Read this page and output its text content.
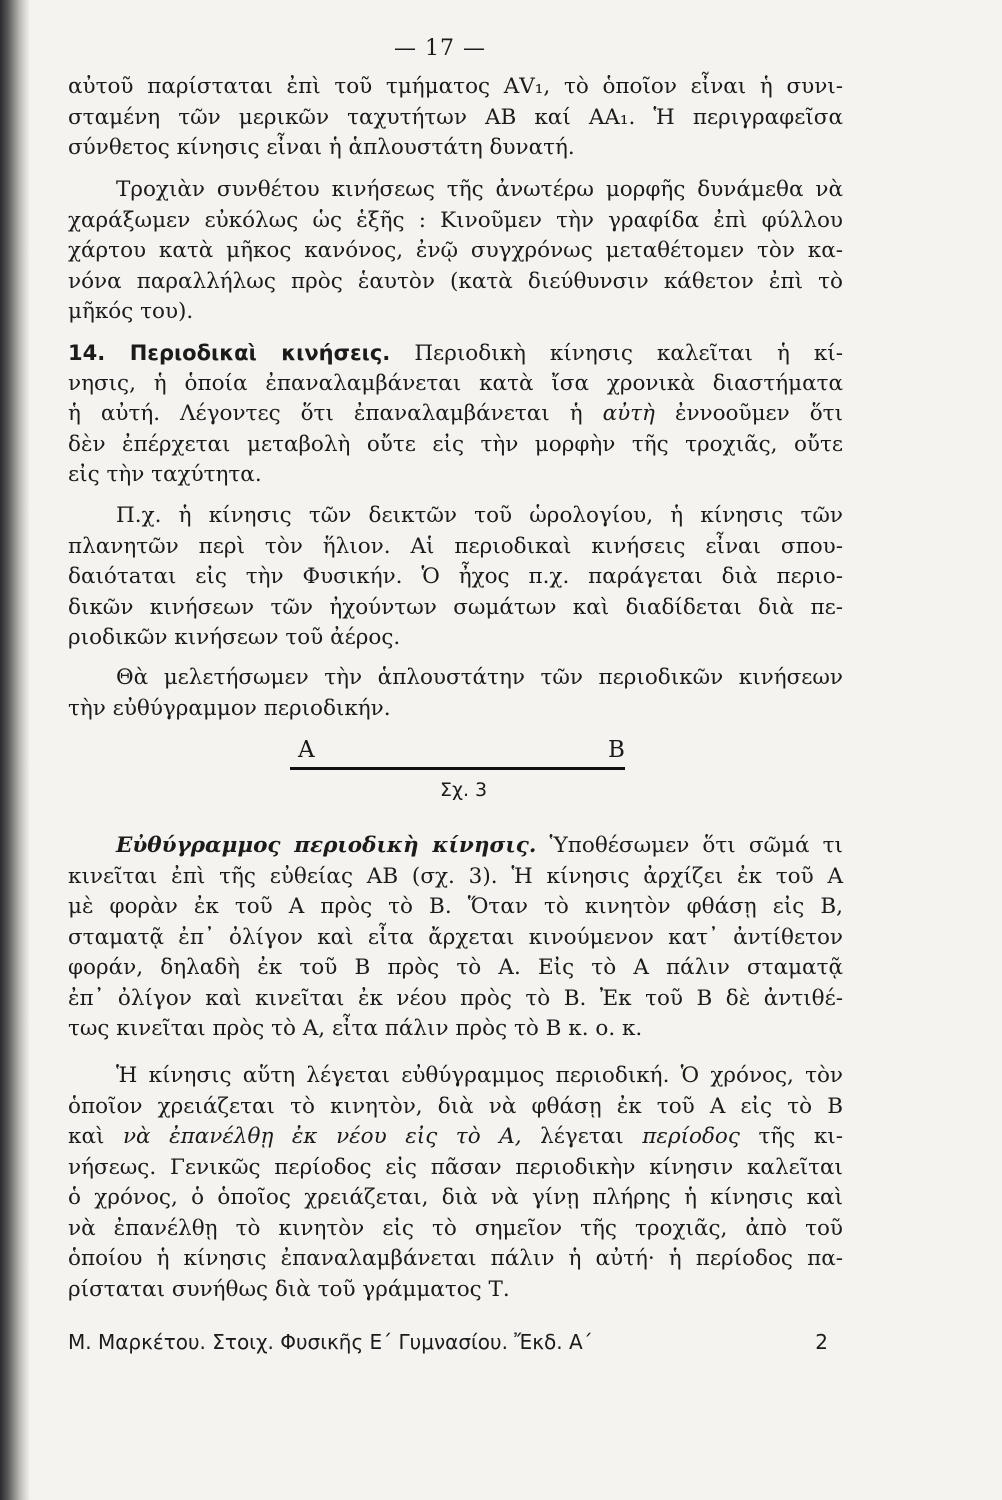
— 17 —
αὐτοῦ παρίσταται ἐπὶ τοῦ τμήματος ΑV₁, τὸ ὁποῖον εἶναι ἡ συνι-
σταμένη τῶν μερικῶν ταχυτήτων ΑΒ καί ΑΑ₁. Ἡ περιγραφεῖσα
σύνθετος κίνησις εἶναι ἡ ἁπλουστάτη δυνατή.
Τροχιὰν συνθέτου κινήσεως τῆς ἀνωτέρω μορφῆς δυνάμεθα νὰ
χαράξωμεν εὐκόλως ὡς ἑξῆς : Κινοῦμεν τὴν γραφίδα ἐπὶ φύλλου
χάρτου κατὰ μῆκος κανόνος, ἐνῷ συγχρόνως μεταθέτομεν τὸν κα-
νόνα παραλλήλως πρὸς ἑαυτὸν (κατὰ διεύθυνσιν κάθετον ἐπὶ τὸ
μῆκός του).
14. Περιοδικαὶ κινήσεις. Περιοδικὴ κίνησις καλεῖται ἡ κί-
νησις, ἡ ὁποία ἐπαναλαμβάνεται κατὰ ἴσα χρονικὰ διαστήματα
ἡ αὐτή. Λέγοντες ὅτι ἐπαναλαμβάνεται ἡ αὐτὴ ἐννοοῦμεν ὅτι
δὲν ἐπέρχεται μεταβολὴ οὔτε εἰς τὴν μορφὴν τῆς τροχιᾶς, οὔτε
εἰς τὴν ταχύτητα.
Π.χ. ἡ κίνησις τῶν δεικτῶν τοῦ ὡρολογίου, ἡ κίνησις τῶν
πλανητῶν περὶ τὸν ἥλιον. Αἱ περιοδικαὶ κινήσεις εἶναι σπου-
δαιότaται εἰς τὴν Φυσικήν. Ὁ ἦχος π.χ. παράγεται διὰ περιο-
δικῶν κινήσεων τῶν ἠχούντων σωμάτων καὶ διαδίδεται διὰ πε-
ριοδικῶν κινήσεων τοῦ ἀέρος.
Θὰ μελετήσωμεν τὴν ἁπλουστάτην τῶν περιοδικῶν κινήσεων
τὴν εὐθύγραμμον περιοδικήν.
Α	Β
Σχ. 3
Εὐθύγραμμος περιοδικὴ κίνησις. Ὑποθέσωμεν ὅτι σῶμά τι
κινεῖται ἐπὶ τῆς εὐθείας ΑΒ (σχ. 3). Ἡ κίνησις ἀρχίζει ἐκ τοῦ Α
μὲ φορὰν ἐκ τοῦ Α πρὸς τὸ Β. Ὅταν τὸ κινητὸν φθάσῃ εἰς Β,
σταματᾷ ἐπ᾽ ὀλίγον καὶ εἶτα ἄρχεται κινούμενον κατ᾽ ἀντίθετον
φοράν, δηλαδὴ ἐκ τοῦ Β πρὸς τὸ Α. Εἰς τὸ Α πάλιν σταματᾷ
ἐπ᾽ ὀλίγον καὶ κινεῖται ἐκ νέου πρὸς τὸ Β. Ἐκ τοῦ Β δὲ ἀντιθέ-
τως κινεῖται πρὸς τὸ Α, εἶτα πάλιν πρὸς τὸ Β κ. ο. κ.
Ἡ κίνησις αὕτη λέγεται εὐθύγραμμος περιοδική. Ὁ χρόνος, τὸν
ὁποῖον χρειάζεται τὸ κινητὸν, διὰ νὰ φθάσῃ ἐκ τοῦ Α εἰς τὸ Β
καὶ νὰ ἐπανέλθῃ ἐκ νέου εἰς τὸ Α, λέγεται περίοδος τῆς κι-
νήσεως. Γενικῶς περίοδος εἰς πᾶσαν περιοδικὴν κίνησιν καλεῖται
ὁ χρόνος, ὁ ὁποῖος χρειάζεται, διὰ νὰ γίνῃ πλήρης ἡ κίνησις καὶ
νὰ ἐπανέλθῃ τὸ κινητὸν εἰς τὸ σημεῖον τῆς τροχιᾶς, ἀπὸ τοῦ
ὁποίου ἡ κίνησις ἐπαναλαμβάνεται πάλιν ἡ αὐτή· ἡ περίοδος πα-
ρίσταται συνήθως διὰ τοῦ γράμματος Τ.
Μ. Μαρκέτου. Στοιχ. Φυσικῆς Ε΄ Γυμνασίου. Ἔκδ. Α΄	2
